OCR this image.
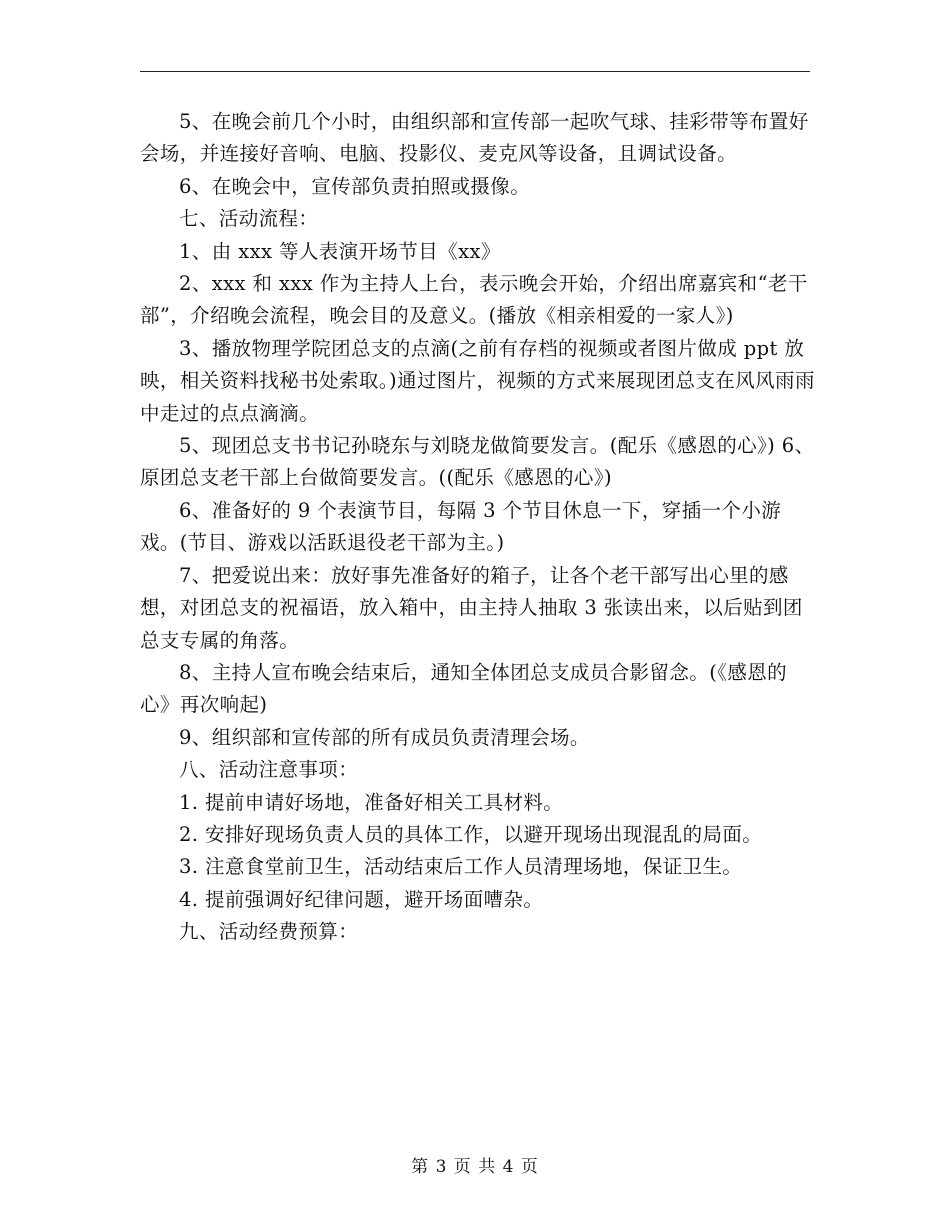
5、在晚会前几个小时，由组织部和宣传部一起吹气球、挂彩带等布置好会场，并连接好音响、电脑、投影仪、麦克风等设备，且调试设备。

6、在晚会中，宣传部负责拍照或摄像。

七、活动流程：

1、由 xxx 等人表演开场节目《xx》

2、xxx 和 xxx 作为主持人上台，表示晚会开始，介绍出席嘉宾和“老干部”，介绍晚会流程，晚会目的及意义。(播放《相亲相爱的一家人》)

3、播放物理学院团总支的点滴(之前有存档的视频或者图片做成 ppt 放映，相关资料找秘书处索取。)通过图片，视频的方式来展现团总支在风风雨雨中走过的点点滴滴。

5、现团总支书书记孙晓东与刘晓龙做简要发言。(配乐《感恩的心》) 6、原团总支老干部上台做简要发言。((配乐《感恩的心》)

6、准备好的 9 个表演节目，每隔 3 个节目休息一下，穿插一个小游戏。(节目、游戏以活跃退役老干部为主。)

7、把爱说出来：放好事先准备好的箱子，让各个老干部写出心里的感想，对团总支的祝福语，放入箱中，由主持人抽取 3 张读出来，以后贴到团总支专属的角落。

8、主持人宣布晚会结束后，通知全体团总支成员合影留念。(《感恩的心》再次响起)

9、组织部和宣传部的所有成员负责清理会场。

八、活动注意事项：

1. 提前申请好场地，准备好相关工具材料。

2. 安排好现场负责人员的具体工作，以避开现场出现混乱的局面。

3. 注意食堂前卫生，活动结束后工作人员清理场地，保证卫生。

4. 提前强调好纪律问题，避开场面嘈杂。

九、活动经费预算：

第 3 页 共 4 页
